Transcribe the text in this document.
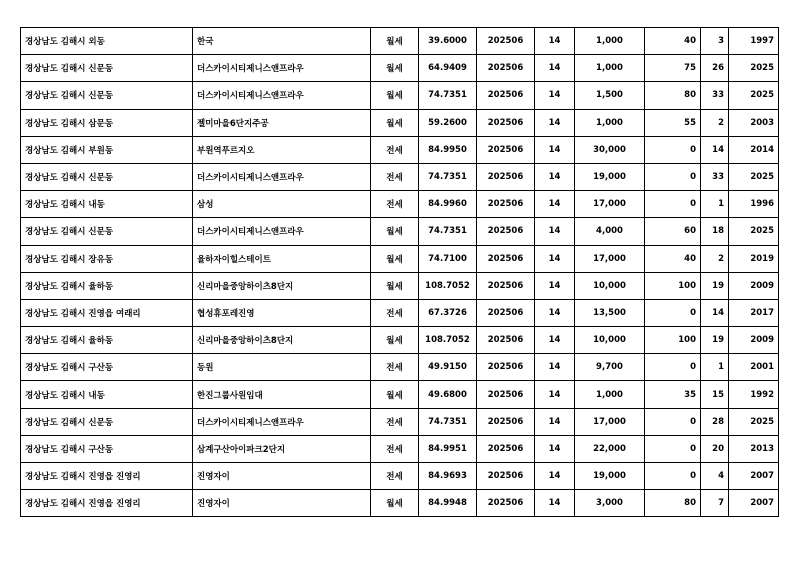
경상남도 김해시 외동	한국	월세	39.6000	202506	14	1,000	40	3	1997
경상남도 김해시 신문동	더스카이시티제니스앤프라우	월세	64.9409	202506	14	1,000	75	26	2025
경상남도 김해시 신문동	더스카이시티제니스앤프라우	월세	74.7351	202506	14	1,500	80	33	2025
경상남도 김해시 삼문동	젤미마을6단지주공	월세	59.2600	202506	14	1,000	55	2	2003
경상남도 김해시 부원동	부원역푸르지오	전세	84.9950	202506	14	30,000	0	14	2014
경상남도 김해시 신문동	더스카이시티제니스앤프라우	전세	74.7351	202506	14	19,000	0	33	2025
경상남도 김해시 내동	삼성	전세	84.9960	202506	14	17,000	0	1	1996
경상남도 김해시 신문동	더스카이시티제니스앤프라우	월세	74.7351	202506	14	4,000	60	18	2025
경상남도 김해시 장유동	율하자이힐스테이트	월세	74.7100	202506	14	17,000	40	2	2019
경상남도 김해시 율하동	신리마을중앙하이츠8단지	월세	108.7052	202506	14	10,000	100	19	2009
경상남도 김해시 진영읍 여래리	협성휴포레진영	전세	67.3726	202506	14	13,500	0	14	2017
경상남도 김해시 율하동	신리마을중앙하이츠8단지	월세	108.7052	202506	14	10,000	100	19	2009
경상남도 김해시 구산동	동원	전세	49.9150	202506	14	9,700	0	1	2001
경상남도 김해시 내동	한진그룹사원임대	월세	49.6800	202506	14	1,000	35	15	1992
경상남도 김해시 신문동	더스카이시티제니스앤프라우	전세	74.7351	202506	14	17,000	0	28	2025
경상남도 김해시 구산동	삼계구산아이파크2단지	전세	84.9951	202506	14	22,000	0	20	2013
경상남도 김해시 진영읍 진영리	진영자이	전세	84.9693	202506	14	19,000	0	4	2007
경상남도 김해시 진영읍 진영리	진영자이	월세	84.9948	202506	14	3,000	80	7	2007
